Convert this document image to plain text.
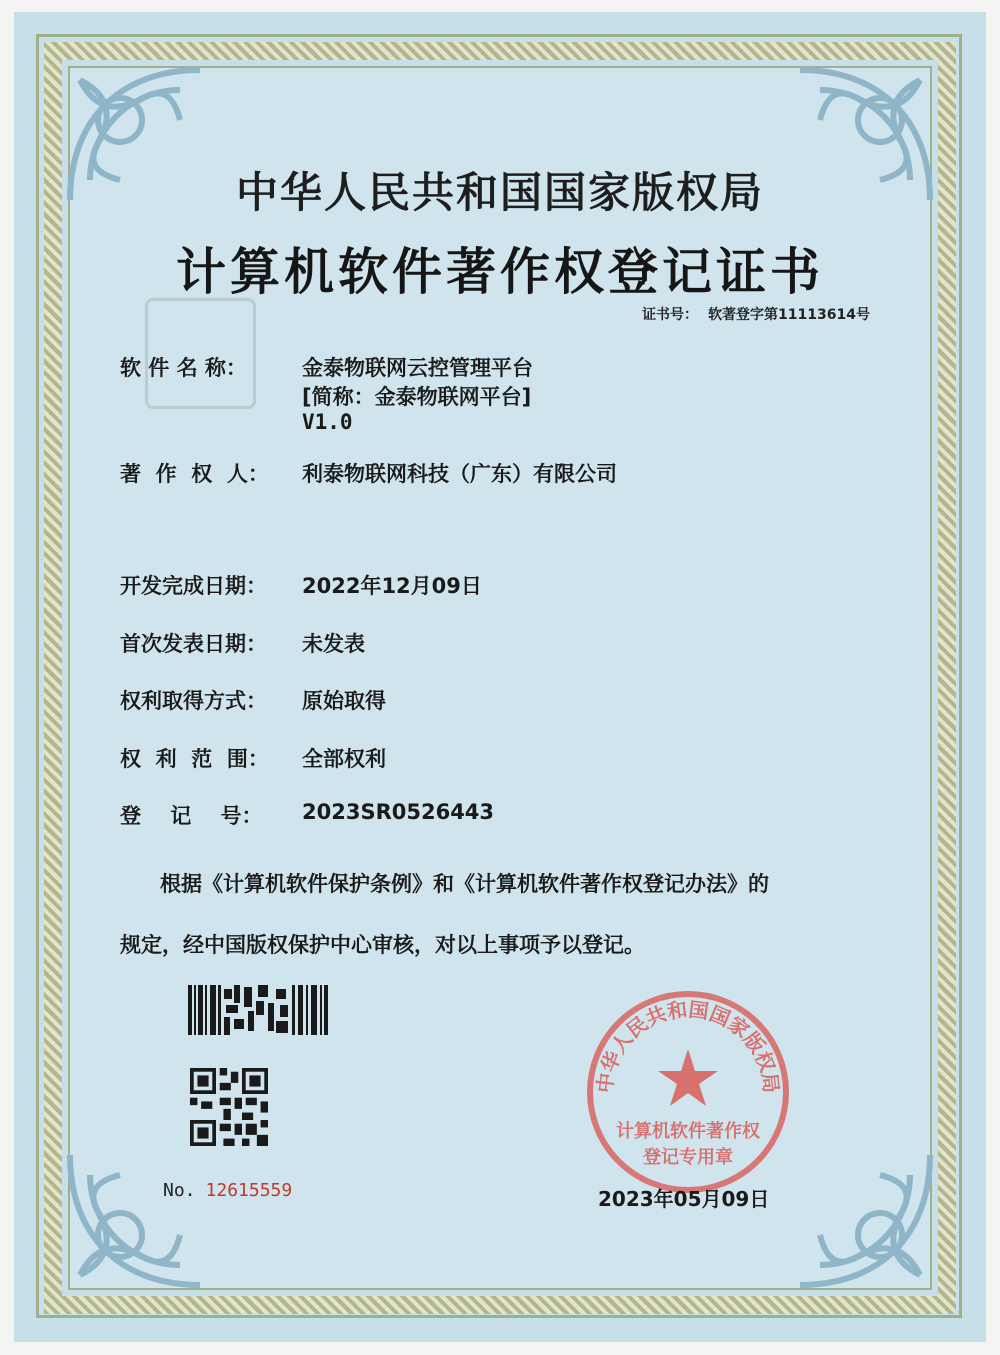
中华人民共和国国家版权局
计算机软件著作权登记证书
证书号： 软著登字第11113614号
软 件 名 称：	金泰物联网云控管理平台
[简称：金泰物联网平台]
V1.0
著  作  权  人：	利泰物联网科技（广东）有限公司
开发完成日期：	2022年12月09日
首次发表日期：	未发表
权利取得方式：	原始取得
权  利  范  围：	全部权利
登    记    号：	2023SR0526443
根据《计算机软件保护条例》和《计算机软件著作权登记办法》的
规定，经中国版权保护中心审核，对以上事项予以登记。
No. 12615559
中华人民共和国国家版权局
计算机软件著作权
登记专用章
2023年05月09日
